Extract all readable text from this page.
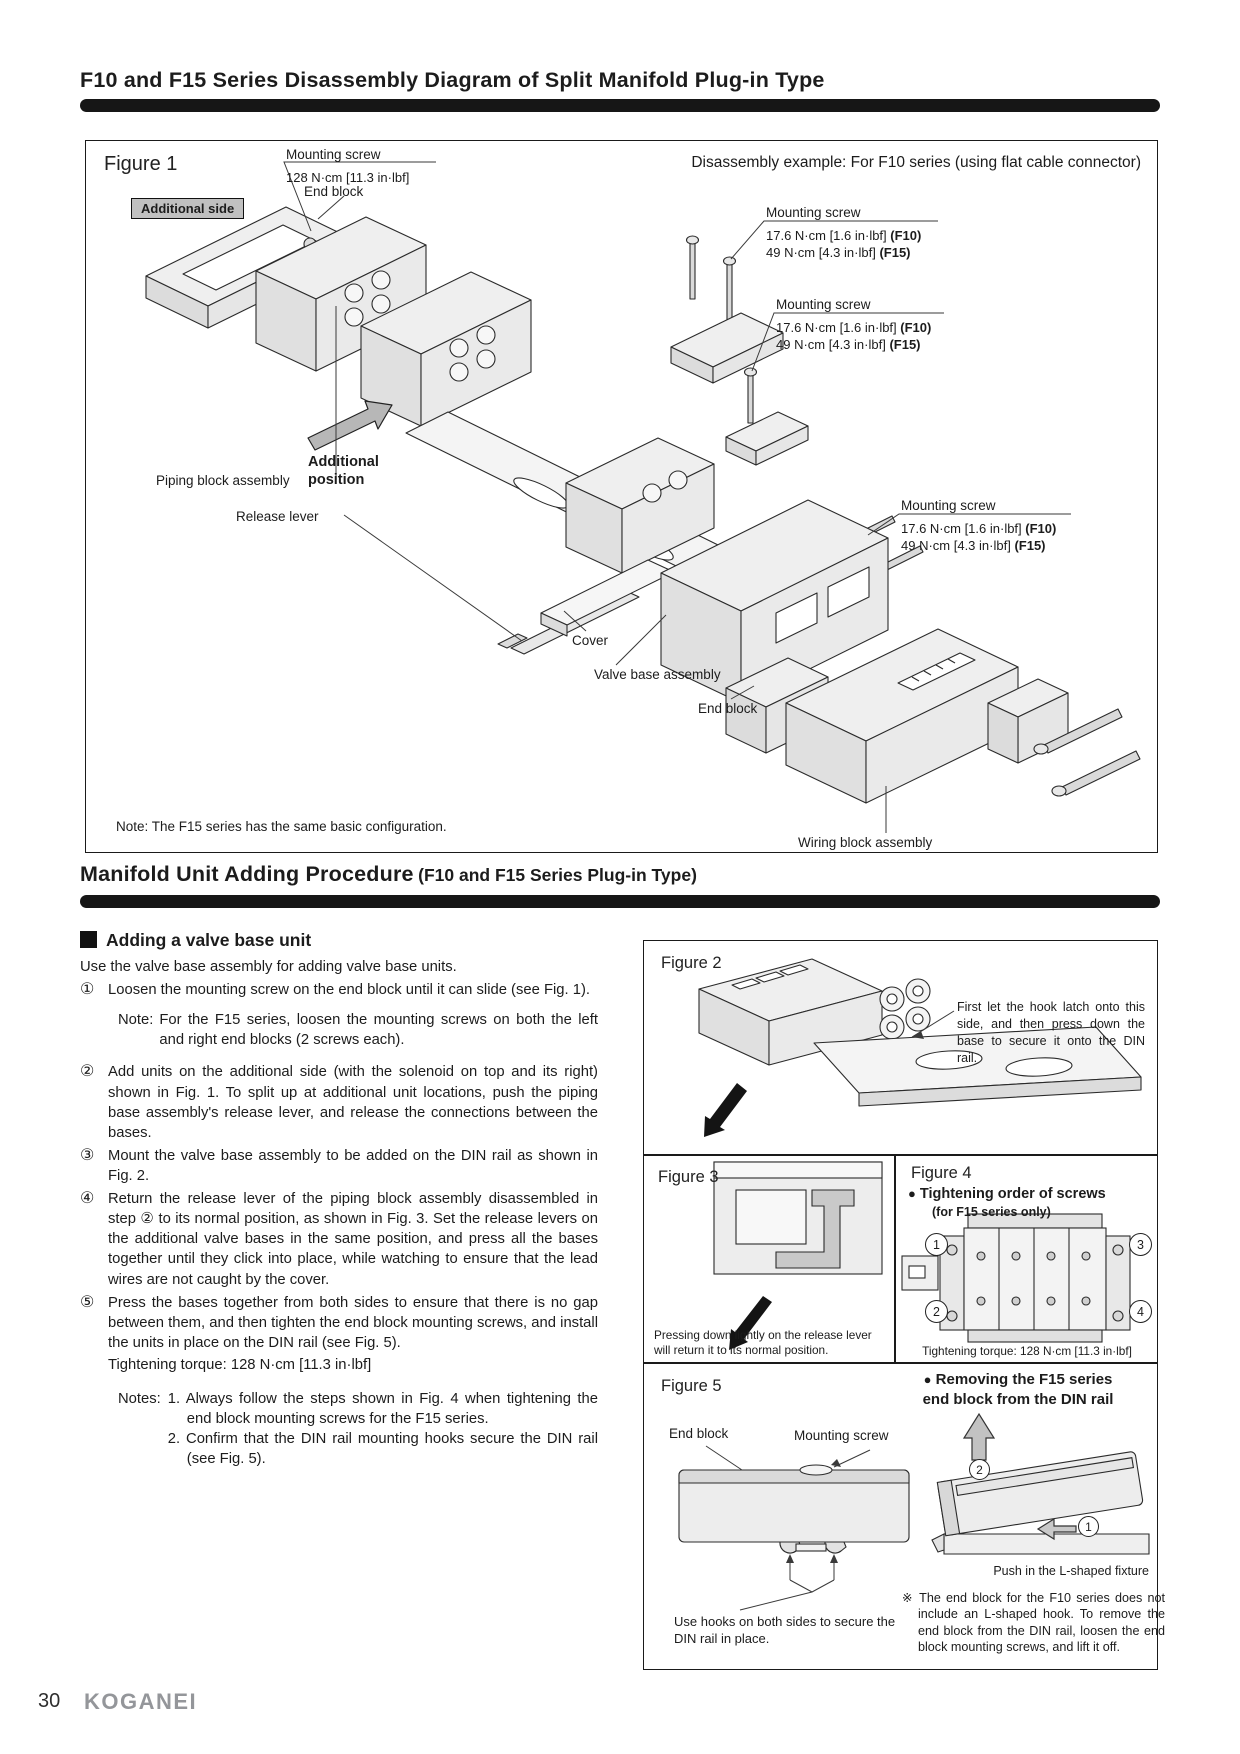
F10 and F15 Series Disassembly Diagram of Split Manifold Plug-in Type
Figure 1	Disassembly example: For F10 series (using flat cable connector)
Mounting screw
128 N·cm [11.3 in·lbf]
End block
Additional side	Mounting screw
17.6 N·cm [1.6 in·lbf] (F10)
49 N·cm [4.3 in·lbf] (F15)
Mounting screw
17.6 N·cm [1.6 in·lbf] (F10)
49 N·cm [4.3 in·lbf] (F15)
Mounting screw
17.6 N·cm [1.6 in·lbf] (F10)
49 N·cm [4.3 in·lbf] (F15)
Additional position
Piping block assembly
Release lever
Cover
Valve base assembly
End block
Wiring block assembly
Note: The F15 series has the same basic configuration.
Manifold Unit Adding Procedure (F10 and F15 Series Plug-in Type)
Adding a valve base unit
Use the valve base assembly for adding valve base units.
① Loosen the mounting screw on the end block until it can slide (see Fig. 1).
Note: For the F15 series, loosen the mounting screws on both the left and right end blocks (2 screws each).
② Add units on the additional side (with the solenoid on top and its right) shown in Fig. 1. To split up at additional unit locations, push the piping base assembly's release lever, and release the connections between the bases.
③ Mount the valve base assembly to be added on the DIN rail as shown in Fig. 2.
④ Return the release lever of the piping block assembly disassembled in step ② to its normal position, as shown in Fig. 3. Set the release levers on the additional valve bases in the same position, and press all the bases together until they click into place, while watching to ensure that the lead wires are not caught by the cover.
⑤ Press the bases together from both sides to ensure that there is no gap between them, and then tighten the end block mounting screws, and install the units in place on the DIN rail (see Fig. 5).
Tightening torque: 128 N·cm [11.3 in·lbf]
Notes: 1. Always follow the steps shown in Fig. 4 when tightening the end block mounting screws for the F15 series.
2. Confirm that the DIN rail mounting hooks secure the DIN rail (see Fig. 5).
Figure 2
First let the hook latch onto this side, and then press down the base to secure it onto the DIN rail.
Figure 3
Pressing down lightly on the release lever will return it to its normal position.
Figure 4
● Tightening order of screws
(for F15 series only)
1
2
3
4
Tightening torque: 128 N·cm [11.3 in·lbf]
Figure 5	● Removing the F15 series
end block from the DIN rail
End block	Mounting screw
2
1
Push in the L-shaped fixture
Use hooks on both sides to secure the DIN rail in place.
※ The end block for the F10 series does not include an L-shaped hook. To remove the end block from the DIN rail, loosen the end block mounting screws, and lift it off.
30 KOGANEI
